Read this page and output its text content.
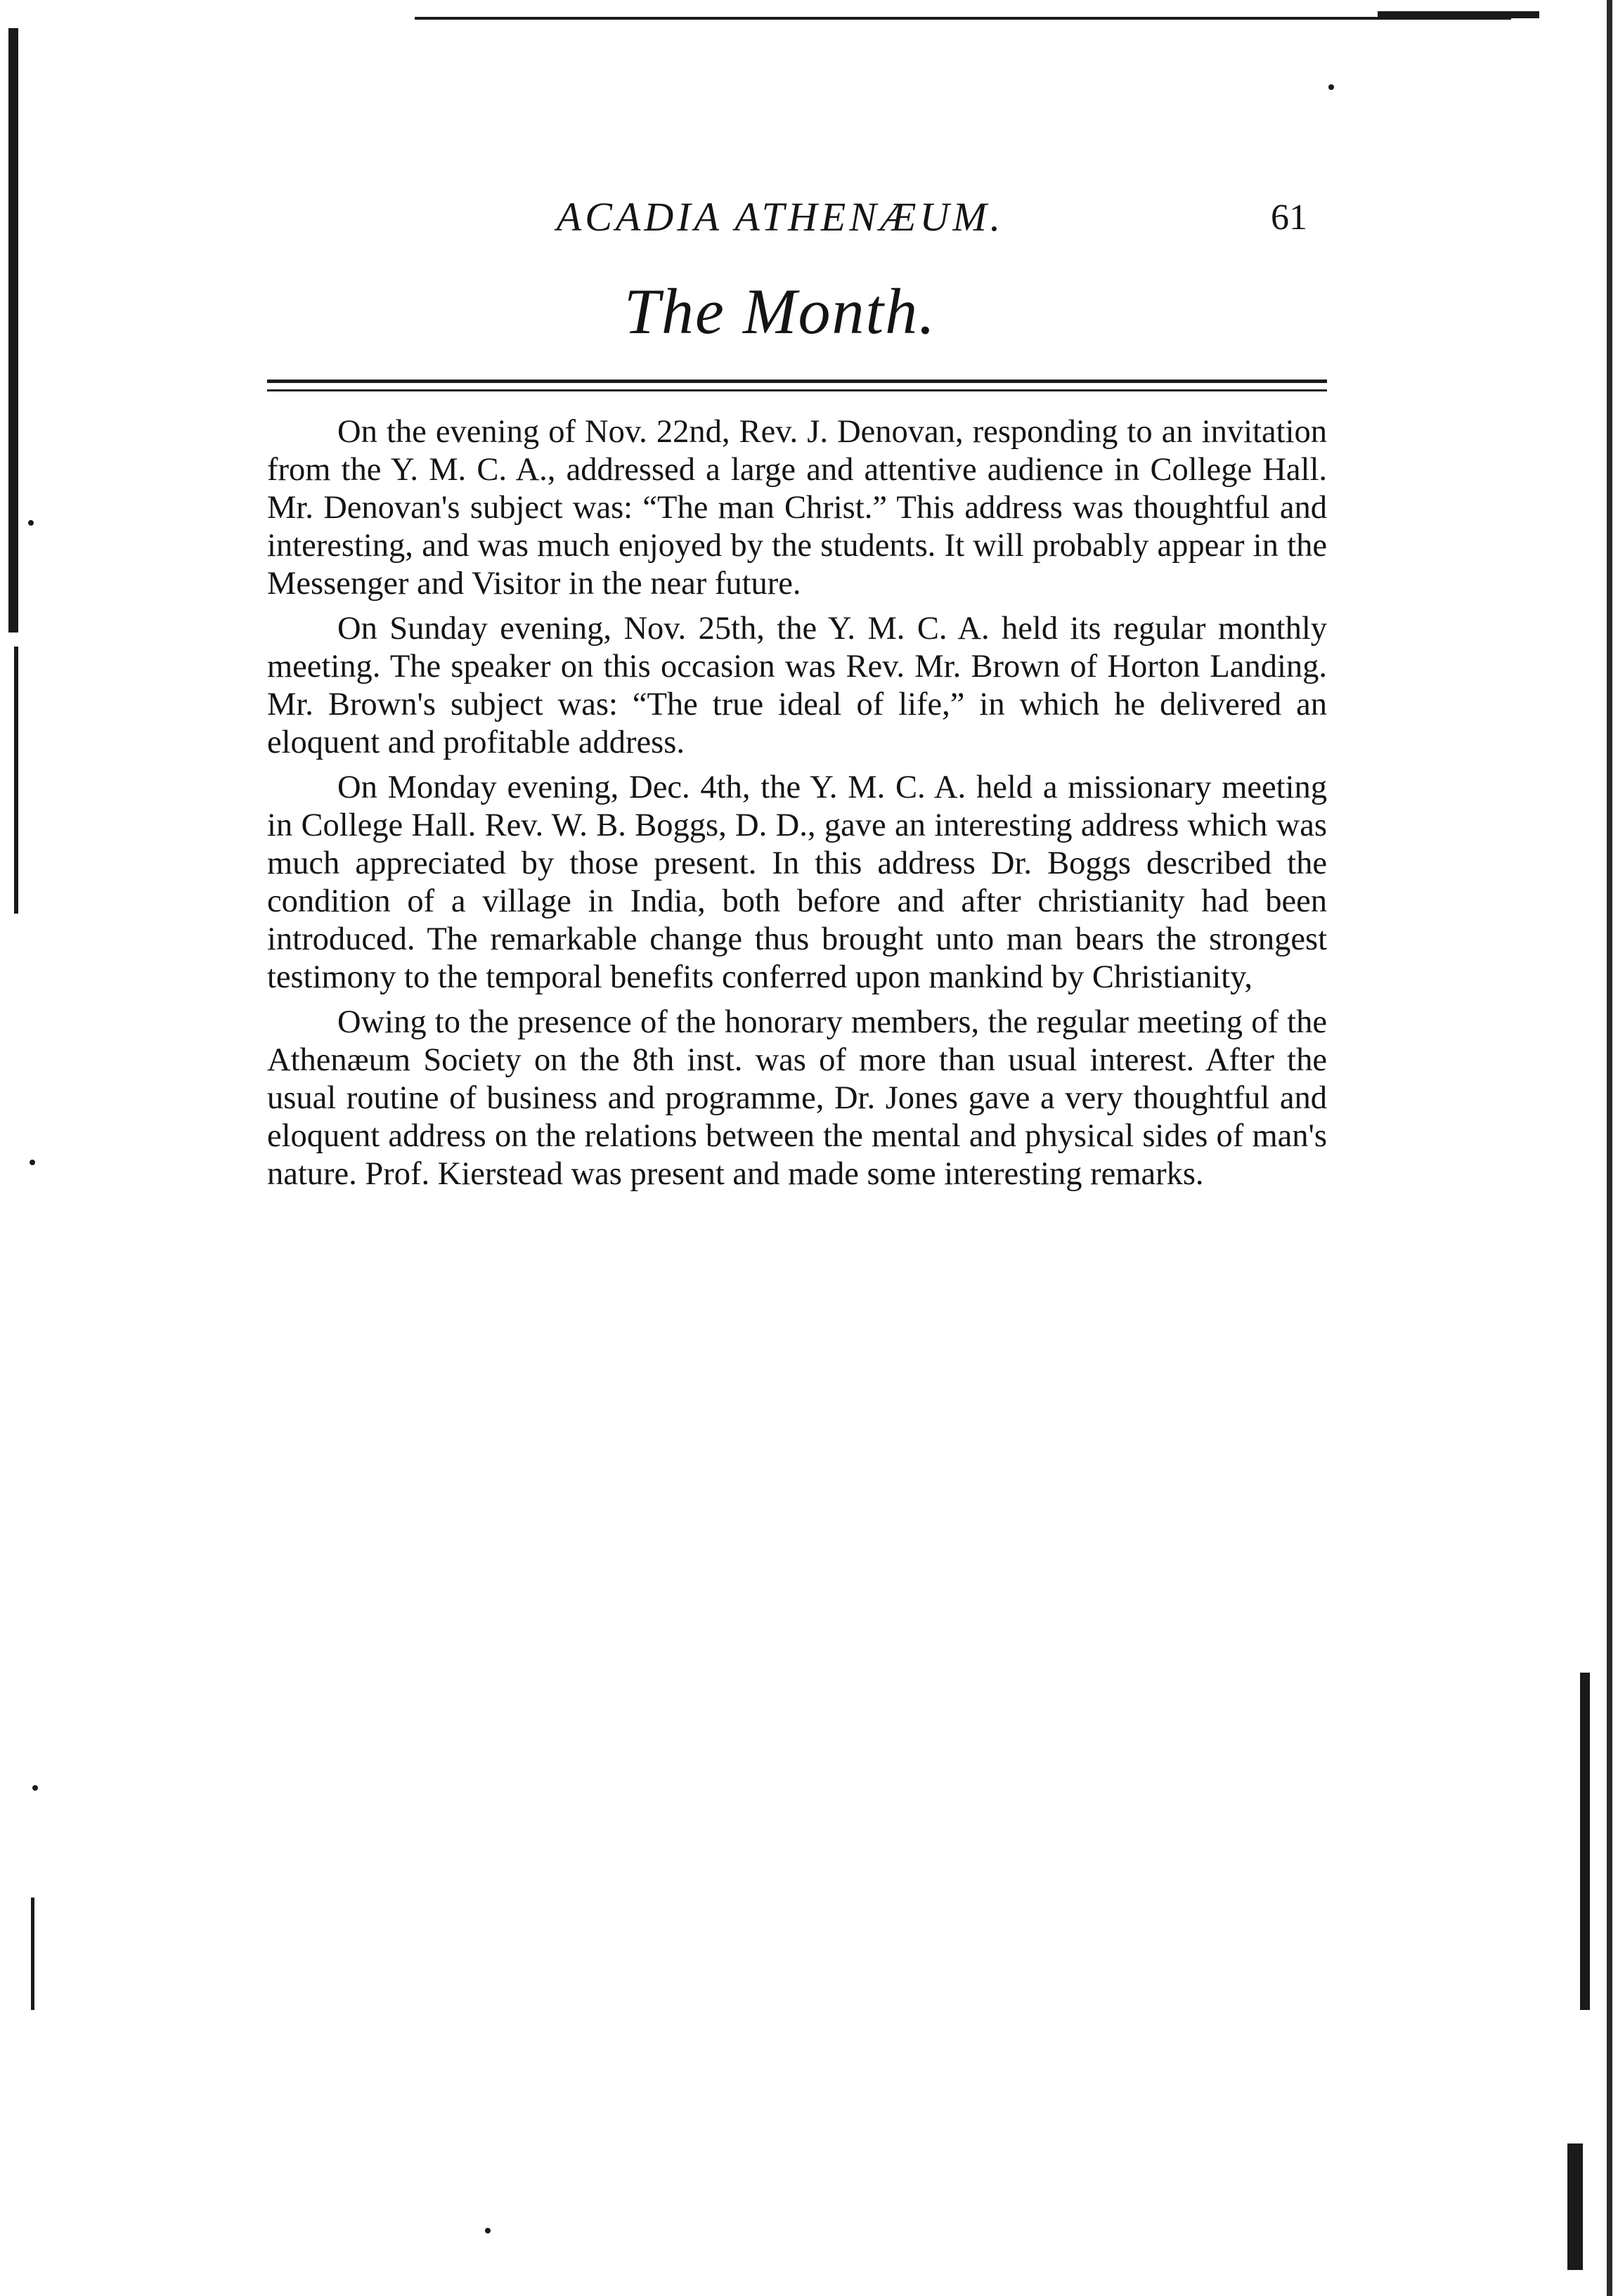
ACADIA ATHENÆUM.	61
The Month.

On the evening of Nov. 22nd, Rev. J. Denovan, responding to an invitation from the Y. M. C. A., addressed a large and attentive audience in College Hall. Mr. Denovan's subject was: “The man Christ.” This address was thoughtful and interesting, and was much enjoyed by the students. It will probably appear in the Messenger and Visitor in the near future.

On Sunday evening, Nov. 25th, the Y. M. C. A. held its regular monthly meeting. The speaker on this occasion was Rev. Mr. Brown of Horton Landing. Mr. Brown's subject was: “The true ideal of life,” in which he delivered an eloquent and profitable address.

On Monday evening, Dec. 4th, the Y. M. C. A. held a missionary meeting in College Hall. Rev. W. B. Boggs, D. D., gave an interesting address which was much appreciated by those present. In this address Dr. Boggs described the condition of a village in India, both before and after christianity had been introduced. The remarkable change thus brought unto man bears the strongest testimony to the temporal benefits conferred upon mankind by Christianity,

Owing to the presence of the honorary members, the regular meeting of the Athenæum Society on the 8th inst. was of more than usual interest. After the usual routine of business and programme, Dr. Jones gave a very thoughtful and eloquent address on the relations between the mental and physical sides of man's nature. Prof. Kierstead was present and made some interesting remarks.
